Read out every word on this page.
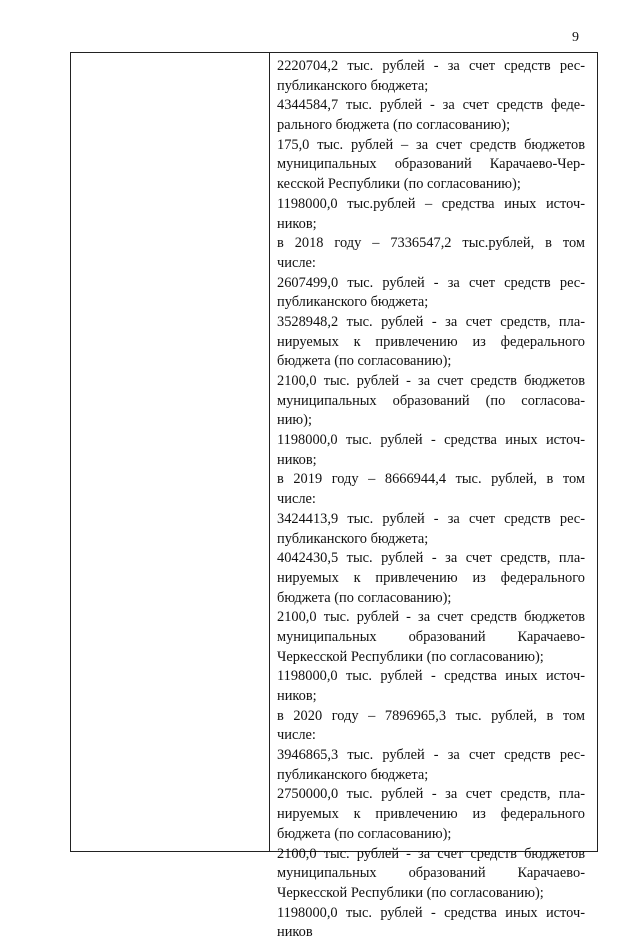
9
2220704,2 тыс. рублей - за счет средств рес-
публиканского бюджета;
4344584,7 тыс. рублей - за счет средств феде-
рального бюджета (по согласованию);
175,0 тыс. рублей – за счет средств бюджетов
муниципальных образований Карачаево-Чер-
кесской Республики (по согласованию);
1198000,0 тыс.рублей – средства иных источ-
ников;
в 2018 году – 7336547,2 тыс.рублей, в том
числе:
2607499,0 тыс. рублей - за счет средств рес-
публиканского бюджета;
3528948,2 тыс. рублей - за счет средств, пла-
нируемых к привлечению из федерального
бюджета (по согласованию);
2100,0 тыс. рублей - за счет средств бюджетов
муниципальных образований (по согласова-
нию);
1198000,0 тыс. рублей - средства иных источ-
ников;
в 2019 году – 8666944,4 тыс. рублей, в том
числе:
3424413,9 тыс. рублей - за счет средств рес-
публиканского бюджета;
4042430,5 тыс. рублей - за счет средств, пла-
нируемых к привлечению из федерального
бюджета (по согласованию);
2100,0 тыс. рублей - за счет средств бюджетов
муниципальных образований Карачаево-
Черкесской Республики (по согласованию);
1198000,0 тыс. рублей - средства иных источ-
ников;
в 2020 году – 7896965,3 тыс. рублей, в том
числе:
3946865,3 тыс. рублей - за счет средств рес-
публиканского бюджета;
2750000,0 тыс. рублей - за счет средств, пла-
нируемых к привлечению из федерального
бюджета (по согласованию);
2100,0 тыс. рублей - за счет средств бюджетов
муниципальных образований Карачаево-
Черкесской Республики (по согласованию);
1198000,0 тыс. рублей - средства иных источ-
ников
